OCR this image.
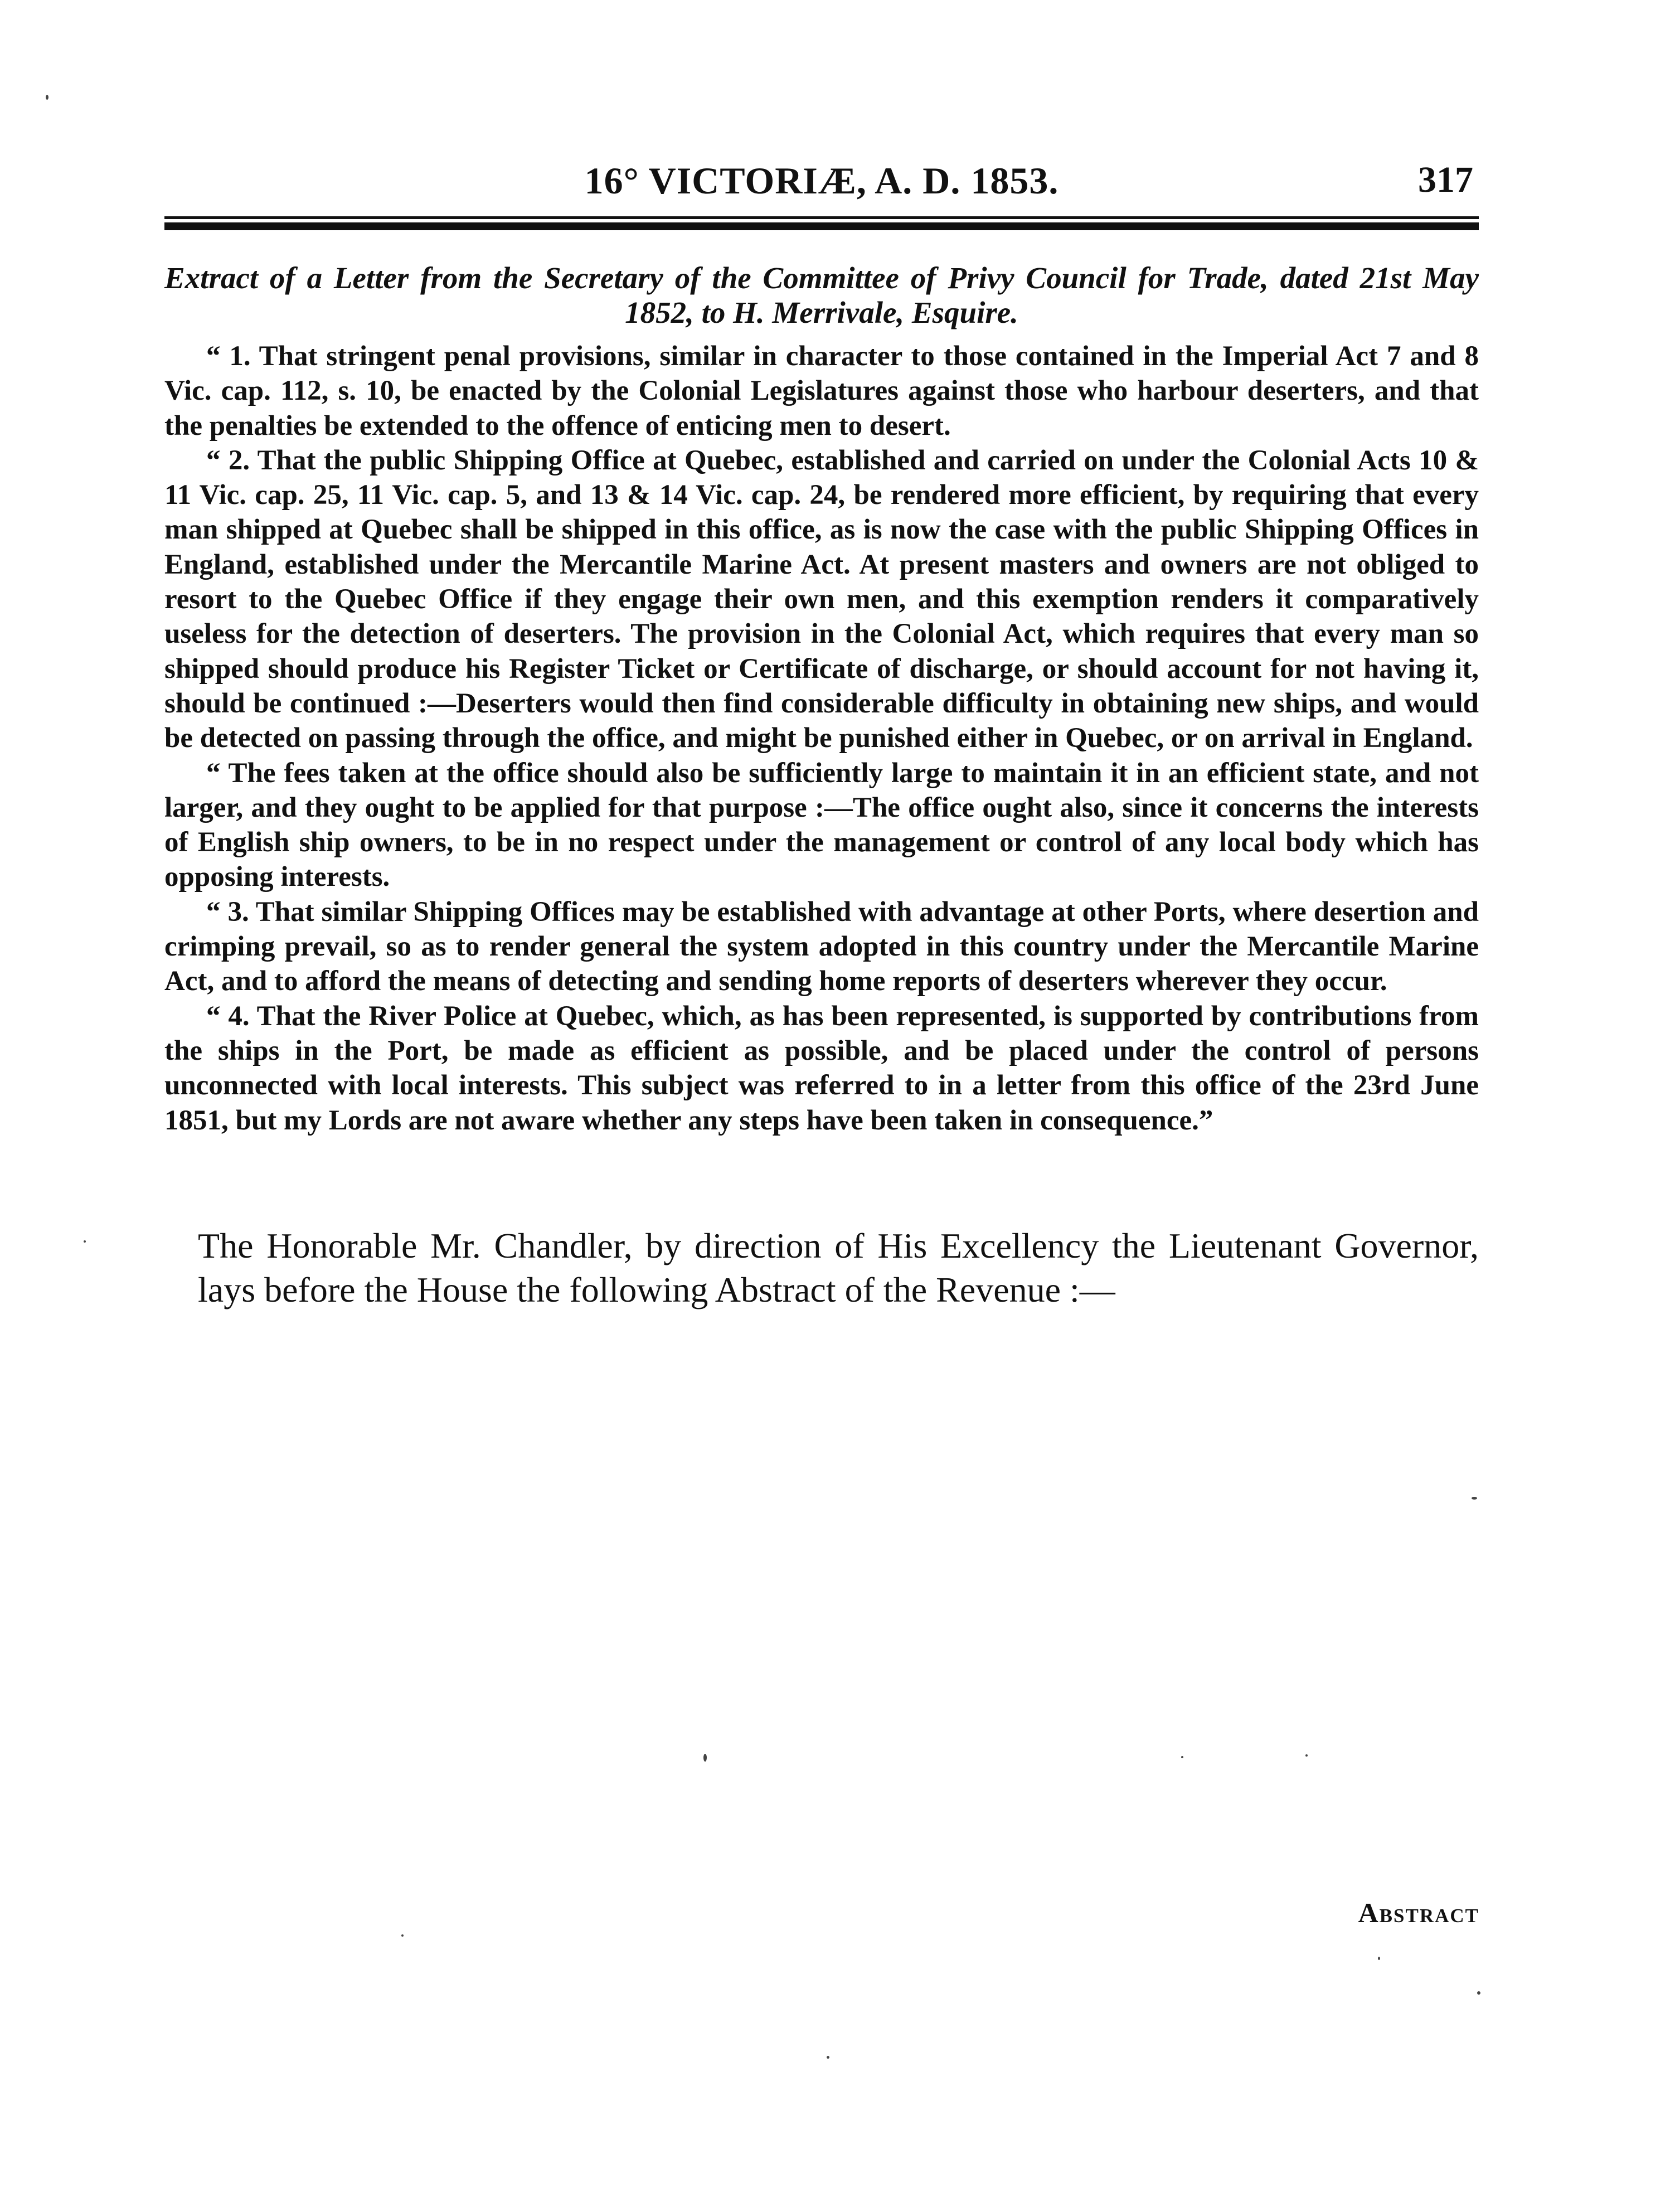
16° VICTORIÆ, A. D. 1853.	317
Extract of a Letter from the Secretary of the Committee of Privy Council for Trade, dated 21st May 1852, to H. Merrivale, Esquire.

“ 1. That stringent penal provisions, similar in character to those contained in the Imperial Act 7 and 8 Vic. cap. 112, s. 10, be enacted by the Colonial Legislatures against those who harbour deserters, and that the penalties be extended to the offence of enticing men to desert.

“ 2. That the public Shipping Office at Quebec, established and carried on under the Colonial Acts 10 & 11 Vic. cap. 25, 11 Vic. cap. 5, and 13 & 14 Vic. cap. 24, be rendered more efficient, by requiring that every man shipped at Quebec shall be shipped in this office, as is now the case with the public Shipping Offices in England, established under the Mercantile Marine Act. At present masters and owners are not obliged to resort to the Quebec Office if they engage their own men, and this exemption renders it comparatively useless for the detection of deserters. The provision in the Colonial Act, which requires that every man so shipped should produce his Register Ticket or Certificate of discharge, or should account for not having it, should be continued :—Deserters would then find considerable difficulty in obtaining new ships, and would be detected on passing through the office, and might be punished either in Quebec, or on arrival in England.

“ The fees taken at the office should also be sufficiently large to maintain it in an efficient state, and not larger, and they ought to be applied for that purpose :—The office ought also, since it concerns the interests of English ship owners, to be in no respect under the management or control of any local body which has opposing interests.

“ 3. That similar Shipping Offices may be established with advantage at other Ports, where desertion and crimping prevail, so as to render general the system adopted in this country under the Mercantile Marine Act, and to afford the means of detecting and sending home reports of deserters wherever they occur.

“ 4. That the River Police at Quebec, which, as has been represented, is supported by contributions from the ships in the Port, be made as efficient as possible, and be placed under the control of persons unconnected with local interests. This subject was referred to in a letter from this office of the 23rd June 1851, but my Lords are not aware whether any steps have been taken in consequence.”

The Honorable Mr. Chandler, by direction of His Excellency the Lieutenant Governor, lays before the House the following Abstract of the Revenue :—
Abstract
